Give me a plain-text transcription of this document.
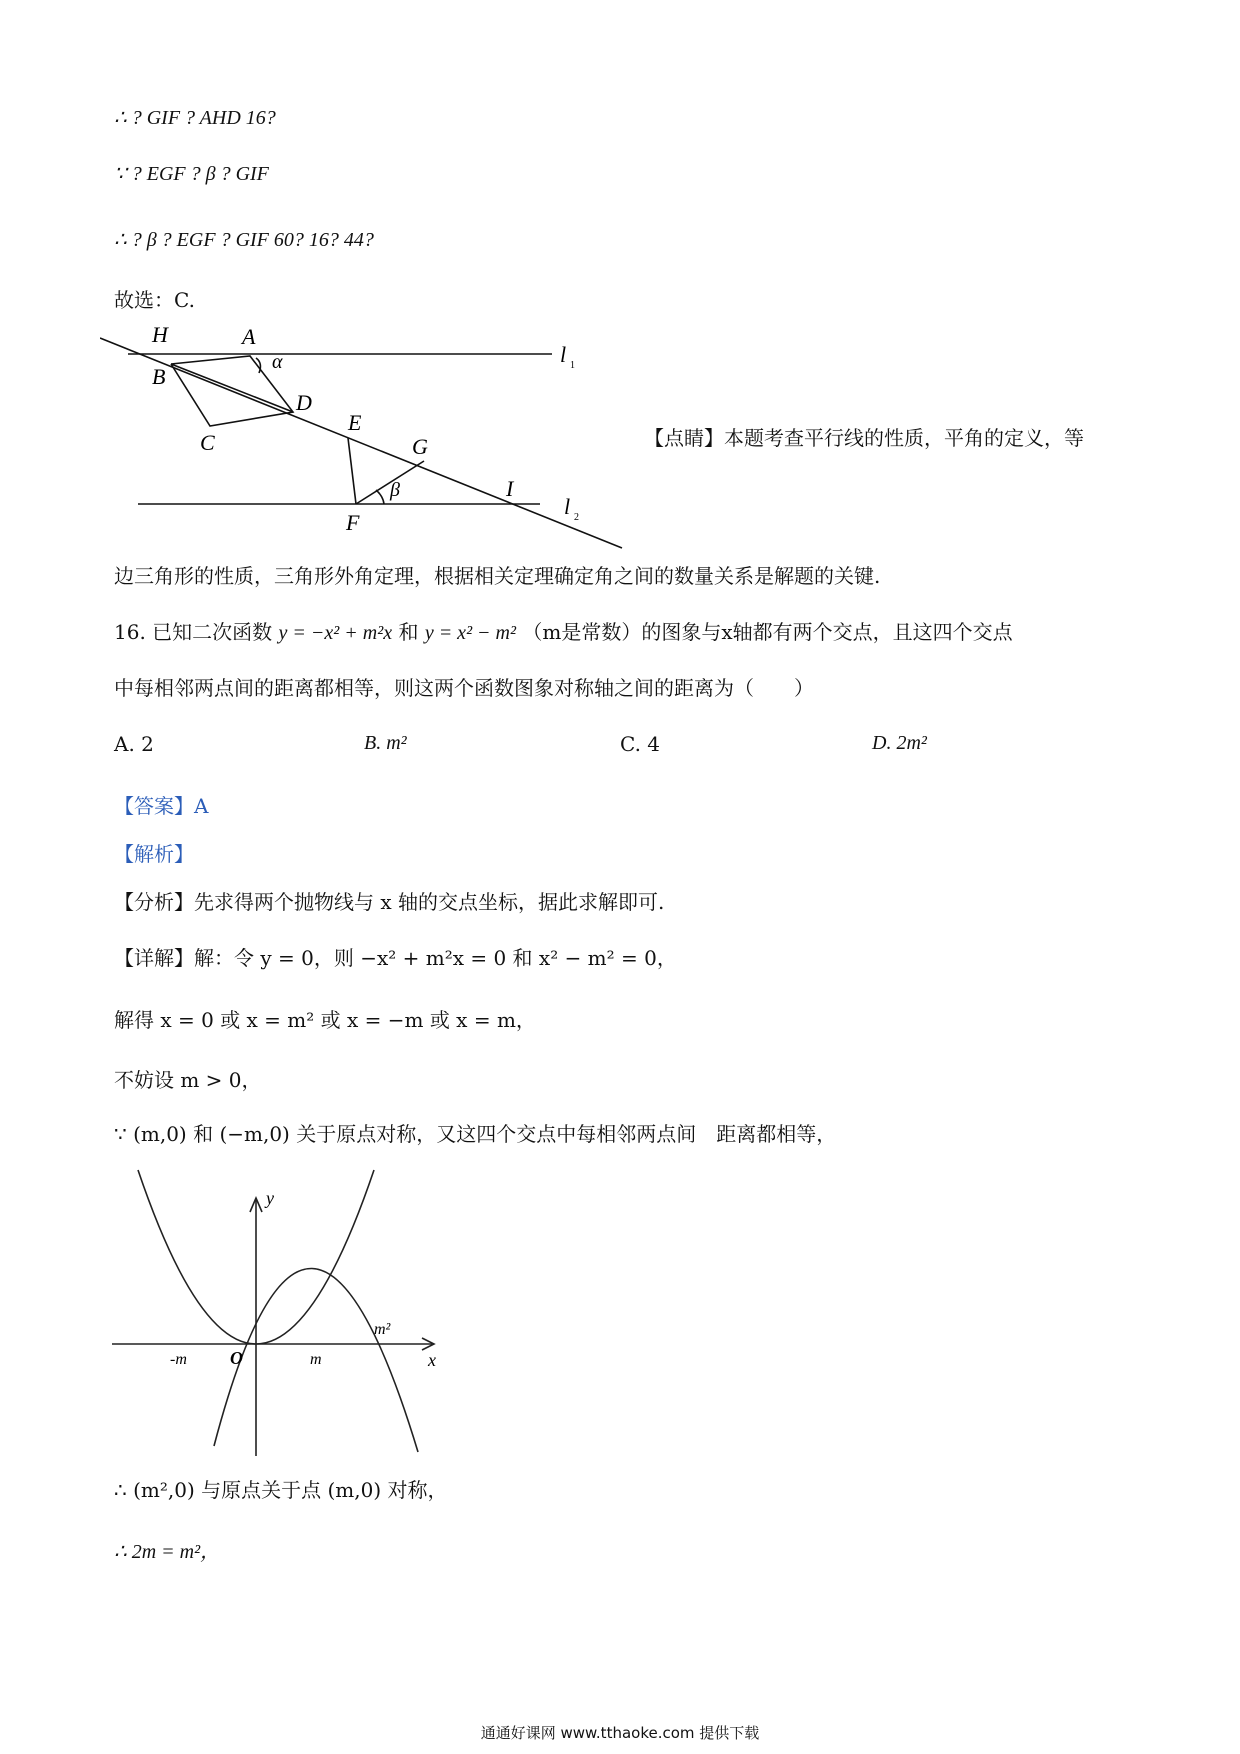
∴ ? GIF ? AHD 16?
∵ ? EGF ? β ? GIF
∴ ? β ? EGF ? GIF 60? 16? 44?
故选：C.
H	A
α	l 1
B
D
C
E
G
β	I
l 2
F
【点睛】本题考查平行线的性质，平角的定义，等
边三角形的性质，三角形外角定理，根据相关定理确定角之间的数量关系是解题的关键.
16. 已知二次函数 y = −x² + m²x 和 y = x² − m² （m是常数）的图象与x轴都有两个交点，且这四个交点
中每相邻两点间的距离都相等，则这两个函数图象对称轴之间的距离为（　　）
A. 2	B. m²	C. 4	D. 2m²
【答案】A
【解析】
【分析】先求得两个抛物线与 x 轴的交点坐标，据此求解即可.
【详解】解：令 y = 0，则 −x² + m²x = 0 和 x² − m² = 0，
解得 x = 0 或 x = m² 或 x = −m 或 x = m，
不妨设 m > 0，
∵ (m,0) 和 (−m,0) 关于原点对称，又这四个交点中每相邻两点间　距离都相等，
y
x
-m O	m
m²
∴ (m²,0) 与原点关于点 (m,0) 对称，
∴ 2m = m²，
通通好课网 www.tthaoke.com 提供下载
